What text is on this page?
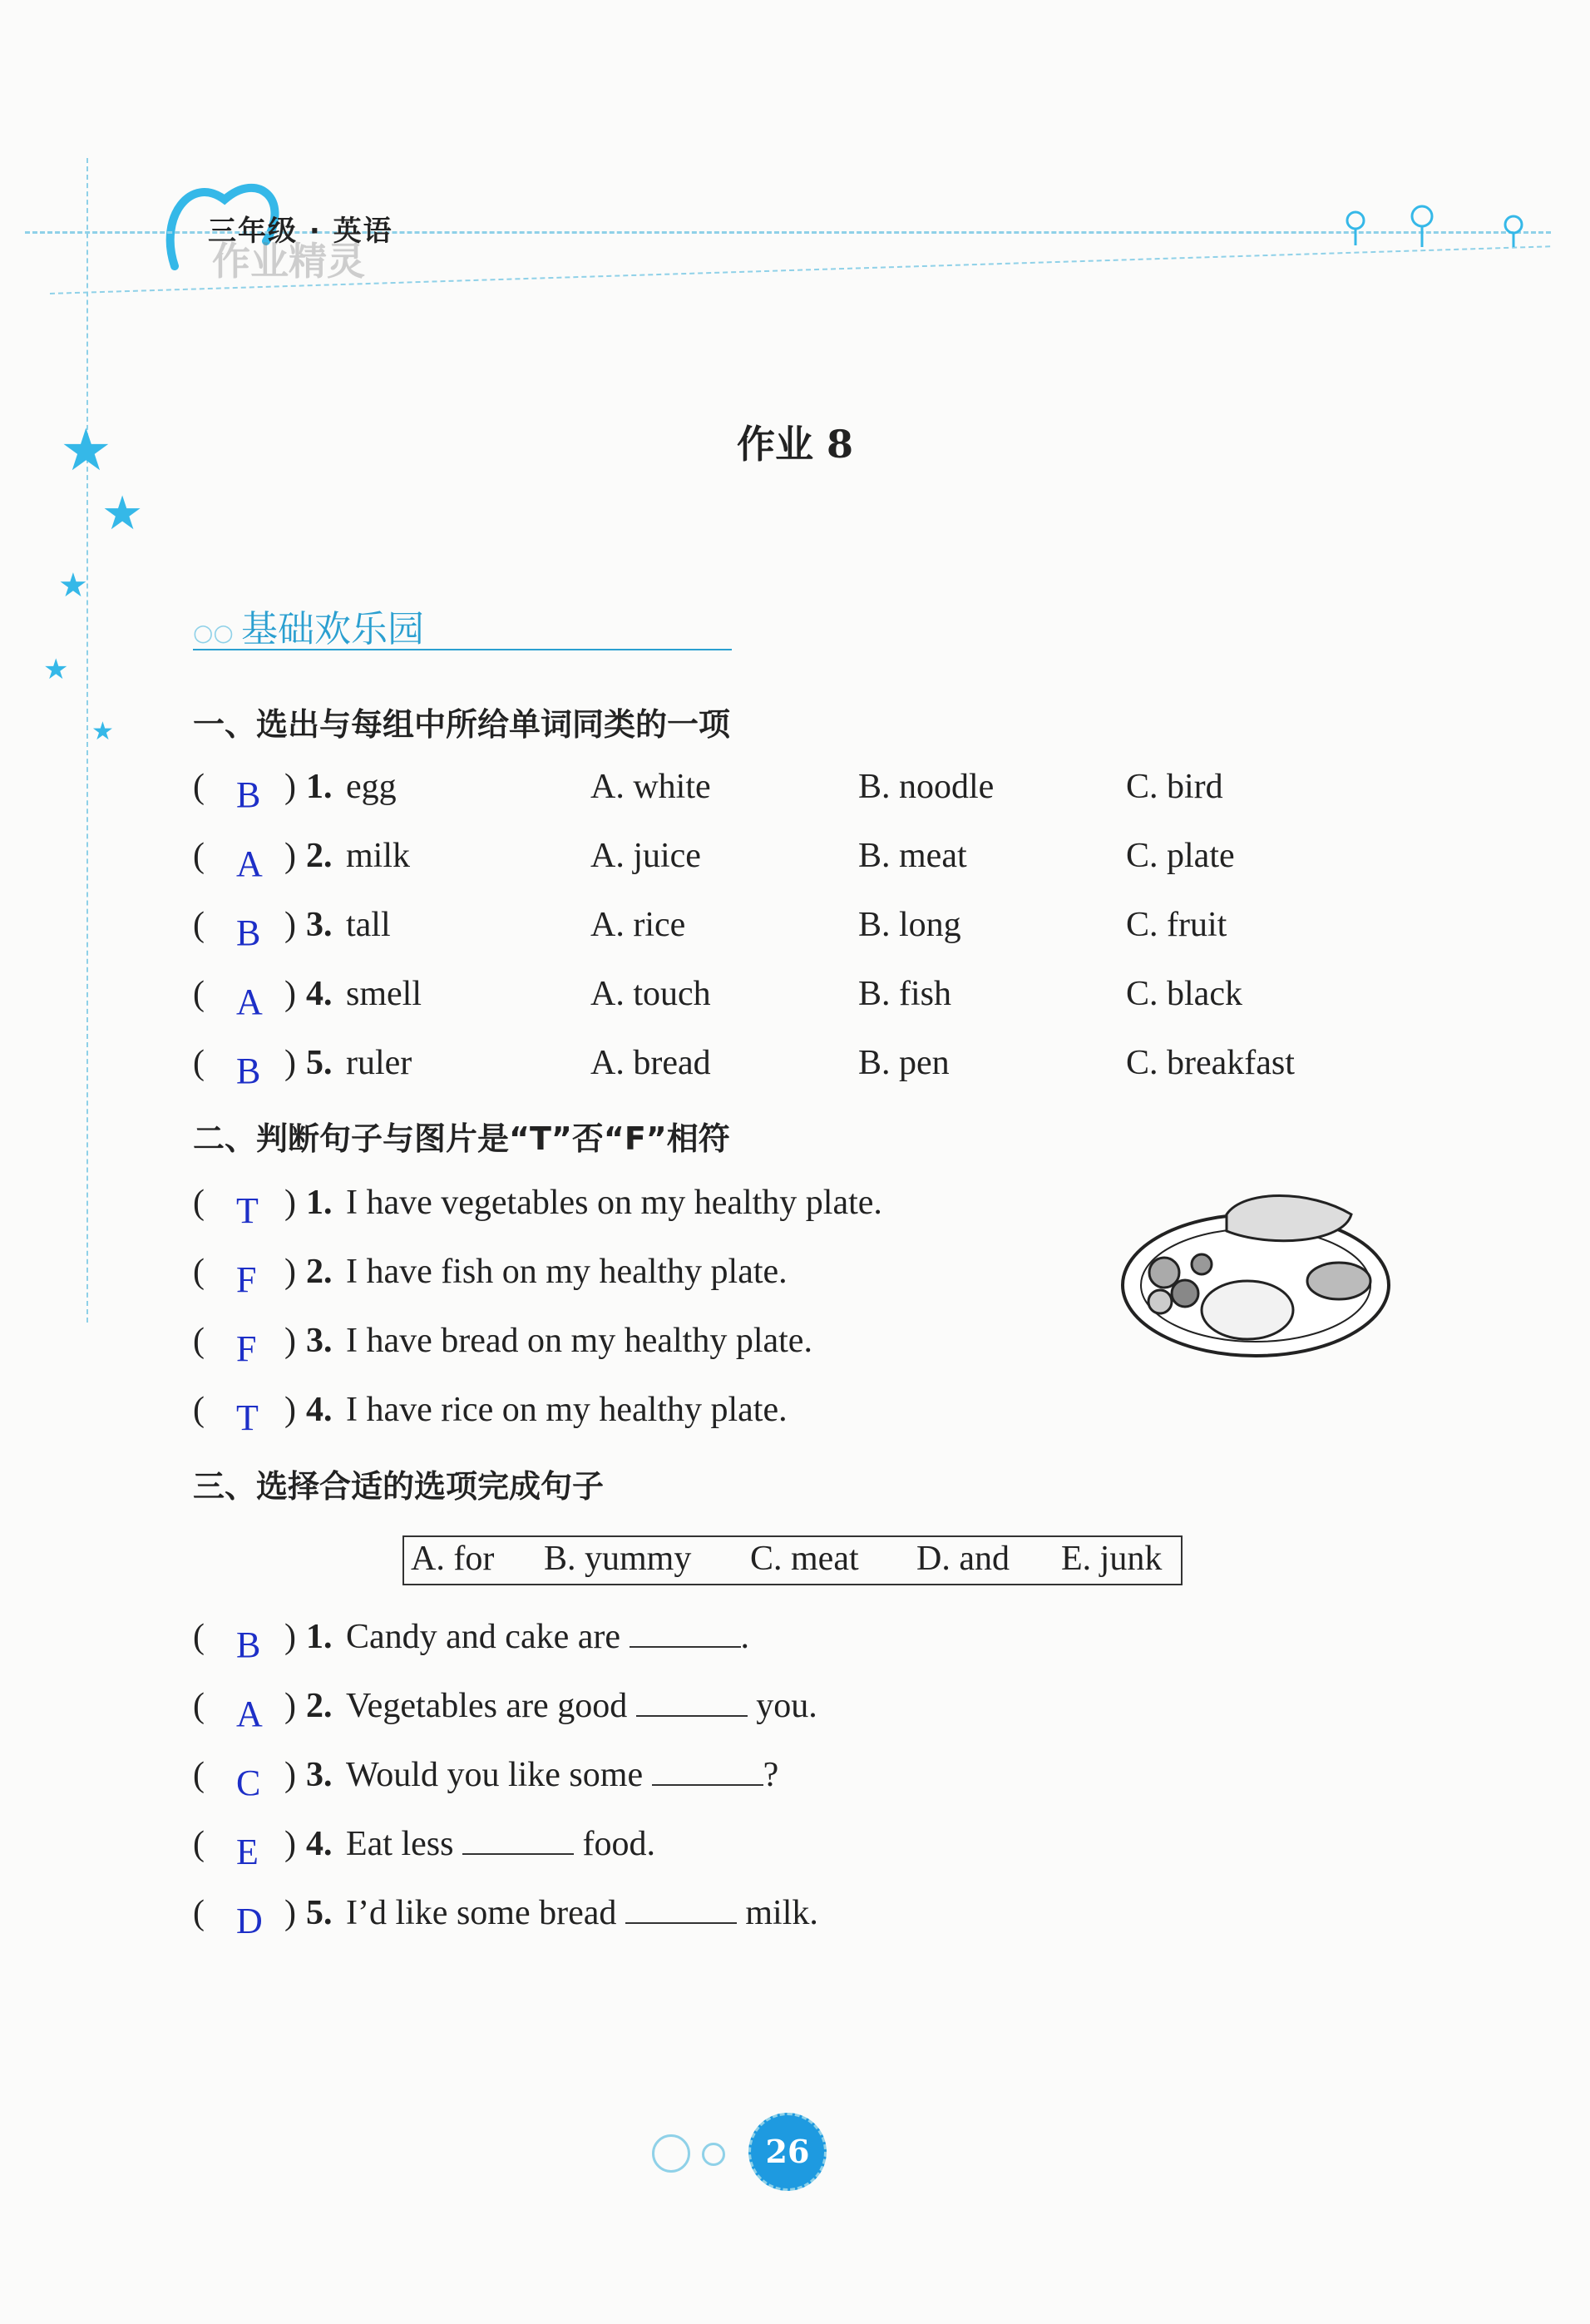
三年级 · 英语
作业精灵
★
★
★
★
★
作业 8
○○ 基础欢乐园
一、选出与每组中所给单词同类的一项
( B ) 1. egg	A. white	B. noodle	C. bird
( A ) 2. milk	A. juice	B. meat	C. plate
( B ) 3. tall	A. rice	B. long	C. fruit
( A ) 4. smell	A. touch	B. fish	C. black
( B ) 5. ruler	A. bread	B. pen	C. breakfast
二、判断句子与图片是“T”否“F”相符
( T ) 1. I have vegetables on my healthy plate.
( F ) 2. I have fish on my healthy plate.
( F ) 3. I have bread on my healthy plate.
( T ) 4. I have rice on my healthy plate.
三、选择合适的选项完成句子
A. for B. yummy C. meat D. and E. junk
( B ) 1. Candy and cake are	.
( A ) 2. Vegetables are good	you.
( C ) 3. Would you like some	?
( E ) 4. Eat less	food.
( D ) 5. I’d like some bread	milk.
26
